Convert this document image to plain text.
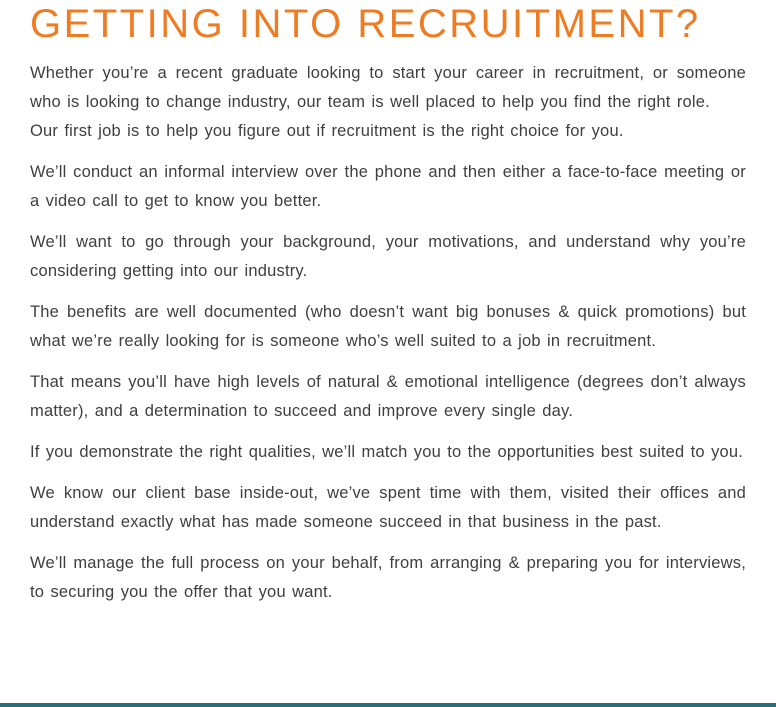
GETTING INTO RECRUITMENT?

Whether you’re a recent graduate looking to start your career in recruitment, or someone who is looking to change industry, our team is well placed to help you find the right role.

Our first job is to help you figure out if recruitment is the right choice for you.

We’ll conduct an informal interview over the phone and then either a face-to-face meeting or a video call to get to know you better.

We’ll want to go through your background, your motivations, and understand why you’re considering getting into our industry.

The benefits are well documented (who doesn’t want big bonuses & quick promotions) but what we’re really looking for is someone who’s well suited to a job in recruitment.

That means you’ll have high levels of natural & emotional intelligence (degrees don’t always matter), and a determination to succeed and improve every single day.

If you demonstrate the right qualities, we’ll match you to the opportunities best suited to you.

We know our client base inside-out, we’ve spent time with them, visited their offices and understand exactly what has made someone succeed in that business in the past.

We’ll manage the full process on your behalf, from arranging & preparing you for interviews, to securing you the offer that you want.
